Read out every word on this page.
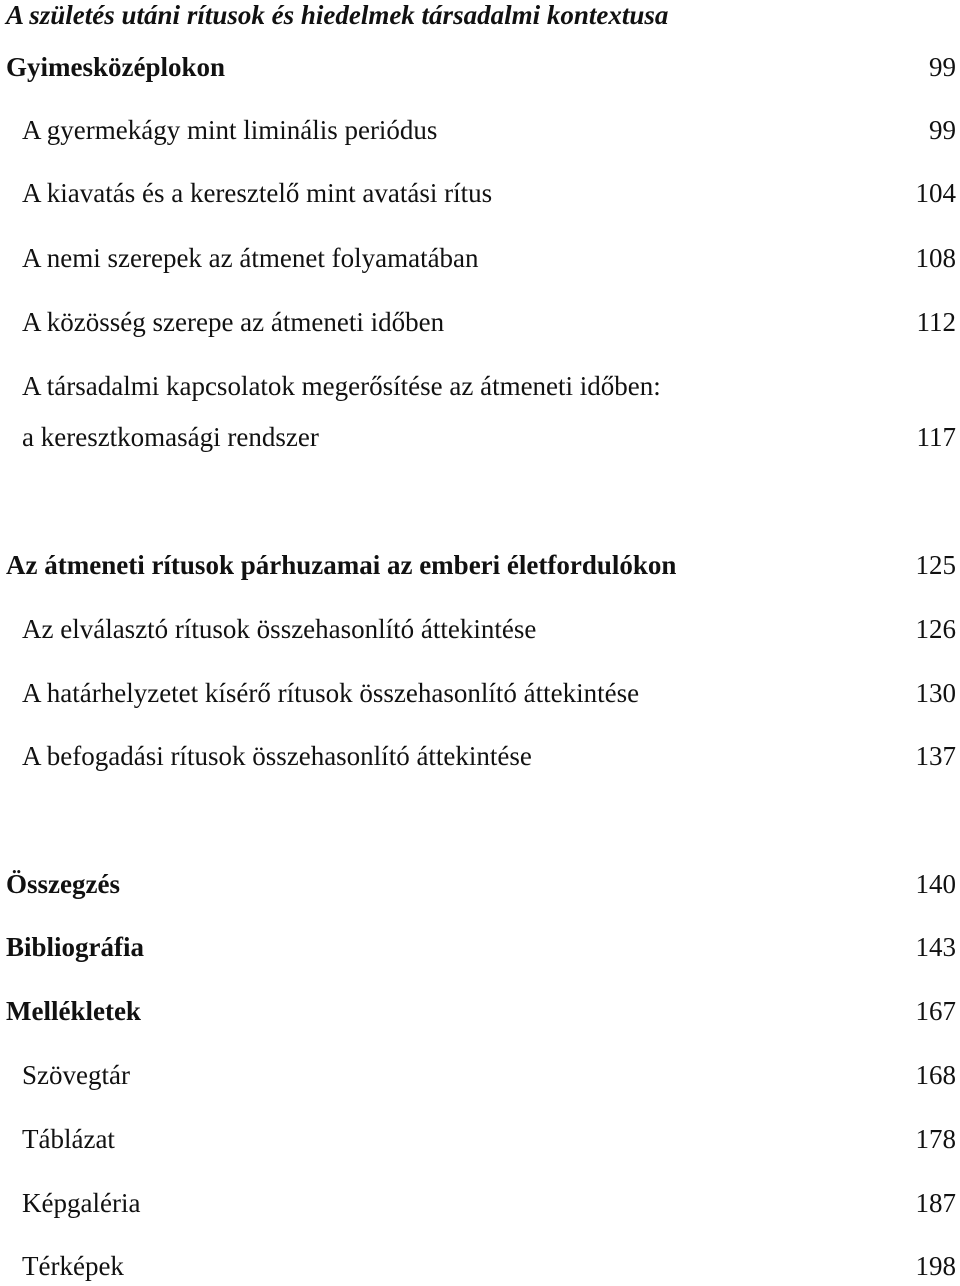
A születés utáni rítusok és hiedelmek társadalmi kontextusa
Gyimesközéplokon	99
A gyermekágy mint liminális periódus	99
A kiavatás és a keresztelő mint avatási rítus	104
A nemi szerepek az átmenet folyamatában	108
A közösség szerepe az átmeneti időben	112
A társadalmi kapcsolatok megerősítése az átmeneti időben:
a keresztkomasági rendszer	117
Az átmeneti rítusok párhuzamai az emberi életfordulókon	125
Az elválasztó rítusok összehasonlító áttekintése	126
A határhelyzetet kísérő rítusok összehasonlító áttekintése	130
A befogadási rítusok összehasonlító áttekintése	137
Összegzés	140
Bibliográfia	143
Mellékletek	167
Szövegtár	168
Táblázat	178
Képgaléria	187
Térképek	198
